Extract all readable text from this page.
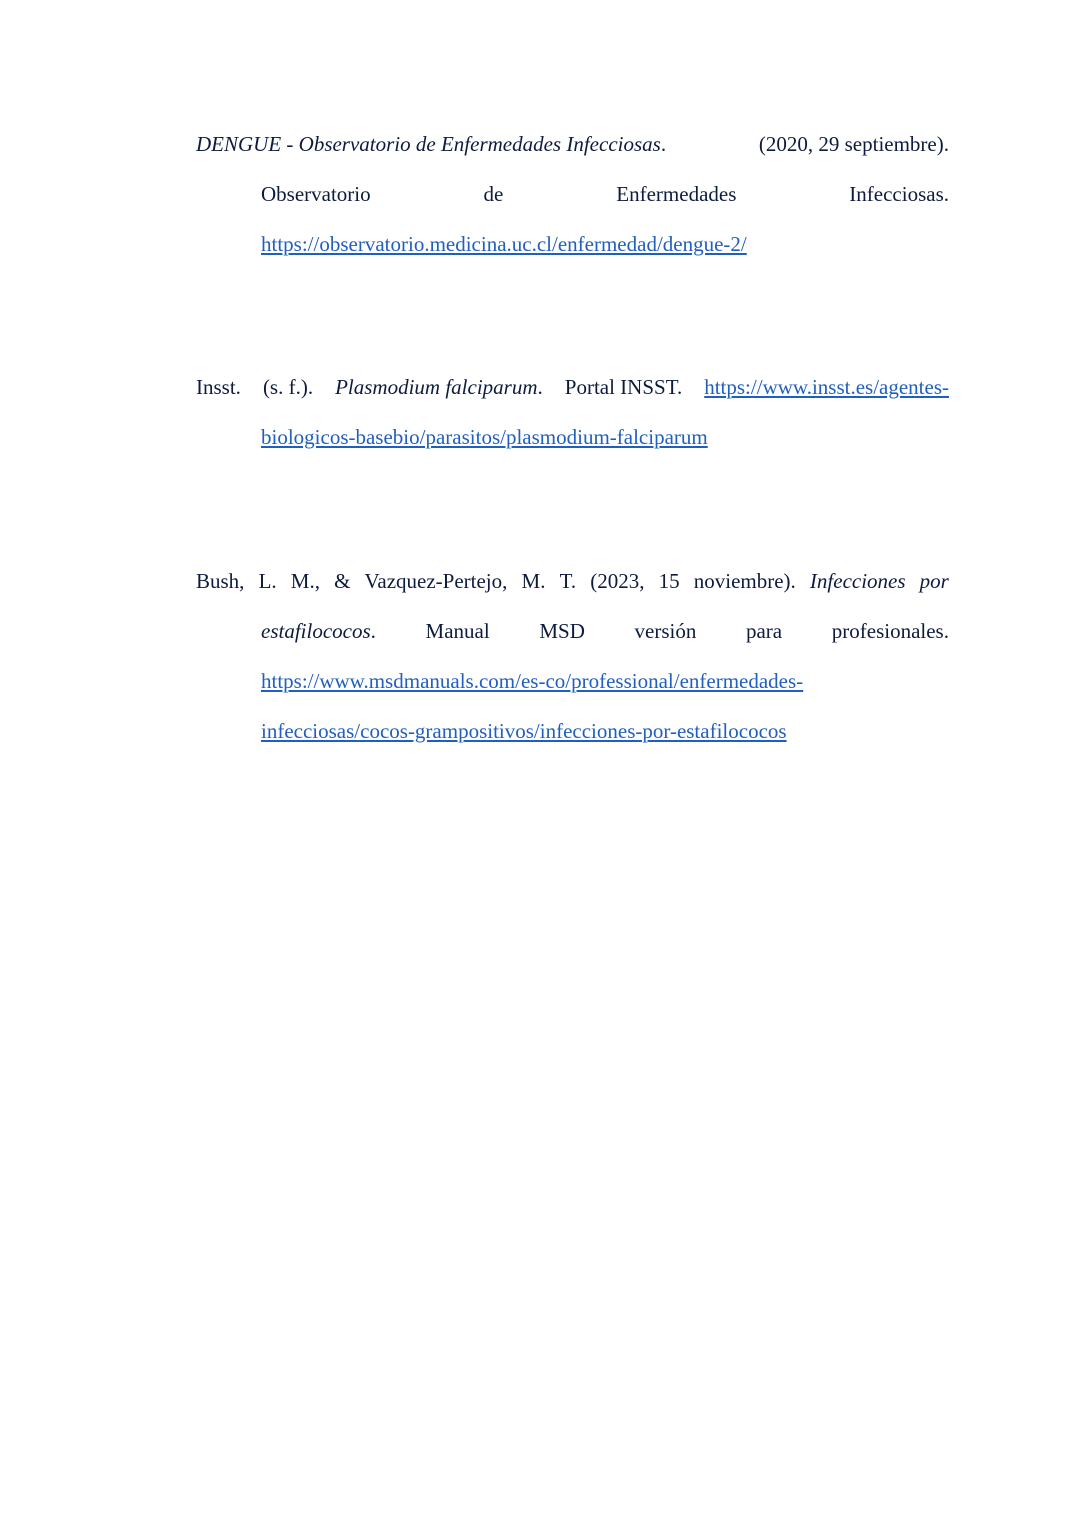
DENGUE - Observatorio de Enfermedades Infecciosas.	(2020, 29 septiembre).
Observatorio	de	Enfermedades	Infecciosas.
https://observatorio.medicina.uc.cl/enfermedad/dengue-2/
Insst. (s. f.). Plasmodium falciparum. Portal INSST. https://www.insst.es/agentes-
biologicos-basebio/parasitos/plasmodium-falciparum
Bush, L. M., & Vazquez-Pertejo, M. T. (2023, 15 noviembre). Infecciones por
estafilococos. Manual MSD versión para profesionales.
https://www.msdmanuals.com/es-co/professional/enfermedades-
infecciosas/cocos-grampositivos/infecciones-por-estafilococos
